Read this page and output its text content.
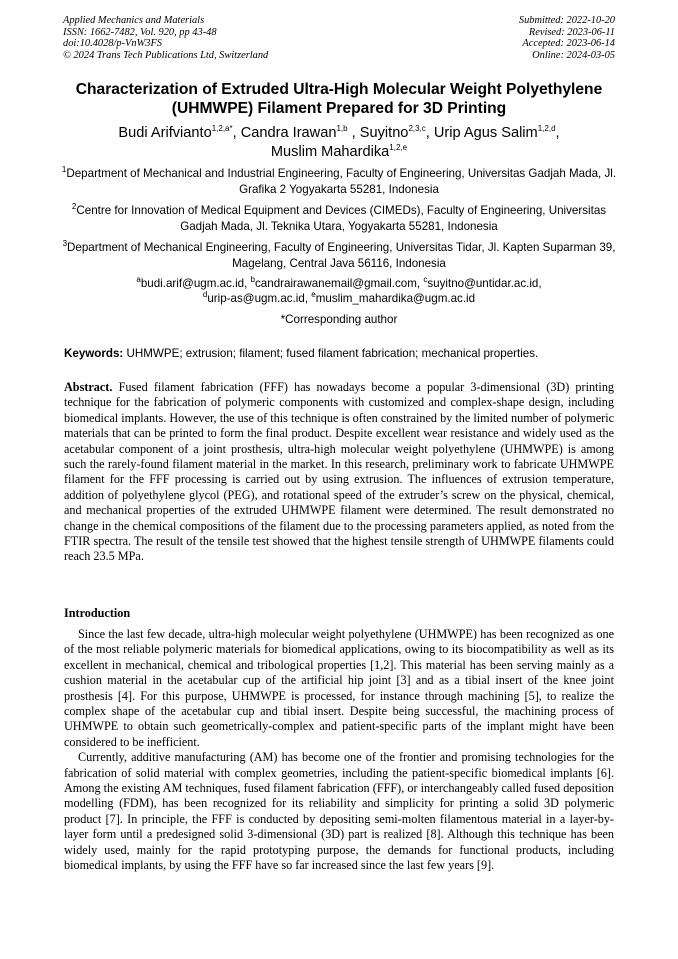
Applied Mechanics and Materials
ISSN: 1662-7482, Vol. 920, pp 43-48
doi:10.4028/p-VnW3FS
© 2024 Trans Tech Publications Ltd, Switzerland
Submitted: 2022-10-20
Revised: 2023-06-11
Accepted: 2023-06-14
Online: 2024-03-05
Characterization of Extruded Ultra-High Molecular Weight Polyethylene (UHMWPE) Filament Prepared for 3D Printing
Budi Arifvianto$^{1,2,a*}$, Candra Irawan$^{1,b}$ , Suyitno$^{2,3,c}$, Urip Agus Salim$^{1,2,d}$,
Muslim Mahardika$^{1,2,e}$
$^1$Department of Mechanical and Industrial Engineering, Faculty of Engineering, Universitas Gadjah Mada, Jl. Grafika 2 Yogyakarta 55281, Indonesia
$^2$Centre for Innovation of Medical Equipment and Devices (CIMEDs), Faculty of Engineering, Universitas Gadjah Mada, Jl. Teknika Utara, Yogyakarta 55281, Indonesia
$^3$Department of Mechanical Engineering, Faculty of Engineering, Universitas Tidar, Jl. Kapten Suparman 39, Magelang, Central Java 56116, Indonesia
$^a$budi.arif@ugm.ac.id, $^b$candrairawanemail@gmail.com, $^c$suyitno@untidar.ac.id,
$^d$urip-as@ugm.ac.id, $^e$muslim_mahardika@ugm.ac.id
*Corresponding author
Keywords: UHMWPE; extrusion; filament; fused filament fabrication; mechanical properties.
Abstract. Fused filament fabrication (FFF) has nowadays become a popular 3-dimensional (3D) printing technique for the fabrication of polymeric components with customized and complex-shape design, including biomedical implants. However, the use of this technique is often constrained by the limited number of polymeric materials that can be printed to form the final product. Despite excellent wear resistance and widely used as the acetabular component of a joint prosthesis, ultra-high molecular weight polyethylene (UHMWPE) is among such the rarely-found filament material in the market. In this research, preliminary work to fabricate UHMWPE filament for the FFF processing is carried out by using extrusion. The influences of extrusion temperature, addition of polyethylene glycol (PEG), and rotational speed of the extruder’s screw on the physical, chemical, and mechanical properties of the extruded UHMWPE filament were determined. The result demonstrated no change in the chemical compositions of the filament due to the processing parameters applied, as noted from the FTIR spectra. The result of the tensile test showed that the highest tensile strength of UHMWPE filaments could reach 23.5 MPa.
Introduction

Since the last few decade, ultra-high molecular weight polyethylene (UHMWPE) has been recognized as one of the most reliable polymeric materials for biomedical applications, owing to its biocompatibility as well as its excellent in mechanical, chemical and tribological properties [1,2]. This material has been serving mainly as a cushion material in the acetabular cup of the artificial hip joint [3] and as a tibial insert of the knee joint prosthesis [4]. For this purpose, UHMWPE is processed, for instance through machining [5], to realize the complex shape of the acetabular cup and tibial insert. Despite being successful, the machining process of UHMWPE to obtain such geometrically-complex and patient-specific parts of the implant might have been considered to be inefficient.

Currently, additive manufacturing (AM) has become one of the frontier and promising technologies for the fabrication of solid material with complex geometries, including the patient-specific biomedical implants [6]. Among the existing AM techniques, fused filament fabrication (FFF), or interchangeably called fused deposition modelling (FDM), has been recognized for its reliability and simplicity for printing a solid 3D polymeric product [7]. In principle, the FFF is conducted by depositing semi-molten filamentous material in a layer-by-layer form until a predesigned solid 3-dimensional (3D) part is realized [8]. Although this technique has been widely used, mainly for the rapid prototyping purpose, the demands for functional products, including biomedical implants, by using the FFF have so far increased since the last few years [9].
